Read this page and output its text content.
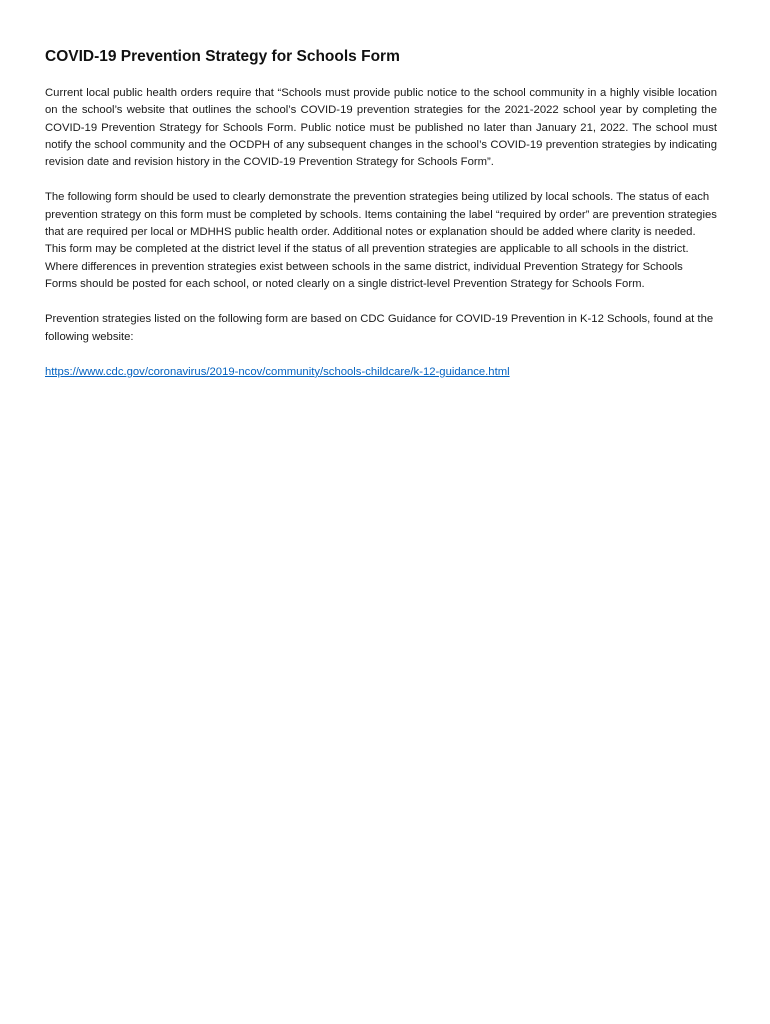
COVID-19 Prevention Strategy for Schools Form

Current local public health orders require that “Schools must provide public notice to the school community in a highly visible location on the school’s website that outlines the school’s COVID-19 prevention strategies for the 2021-2022 school year by completing the COVID-19 Prevention Strategy for Schools Form. Public notice must be published no later than January 21, 2022. The school must notify the school community and the OCDPH of any subsequent changes in the school’s COVID-19 prevention strategies by indicating revision date and revision history in the COVID-19 Prevention Strategy for Schools Form”.

The following form should be used to clearly demonstrate the prevention strategies being utilized by local schools. The status of each prevention strategy on this form must be completed by schools. Items containing the label “required by order” are prevention strategies that are required per local or MDHHS public health order. Additional notes or explanation should be added where clarity is needed. This form may be completed at the district level if the status of all prevention strategies are applicable to all schools in the district. Where differences in prevention strategies exist between schools in the same district, individual Prevention Strategy for Schools Forms should be posted for each school, or noted clearly on a single district-level Prevention Strategy for Schools Form.

Prevention strategies listed on the following form are based on CDC Guidance for COVID-19 Prevention in K-12 Schools, found at the following website:

https://www.cdc.gov/coronavirus/2019-ncov/community/schools-childcare/k-12-guidance.html
